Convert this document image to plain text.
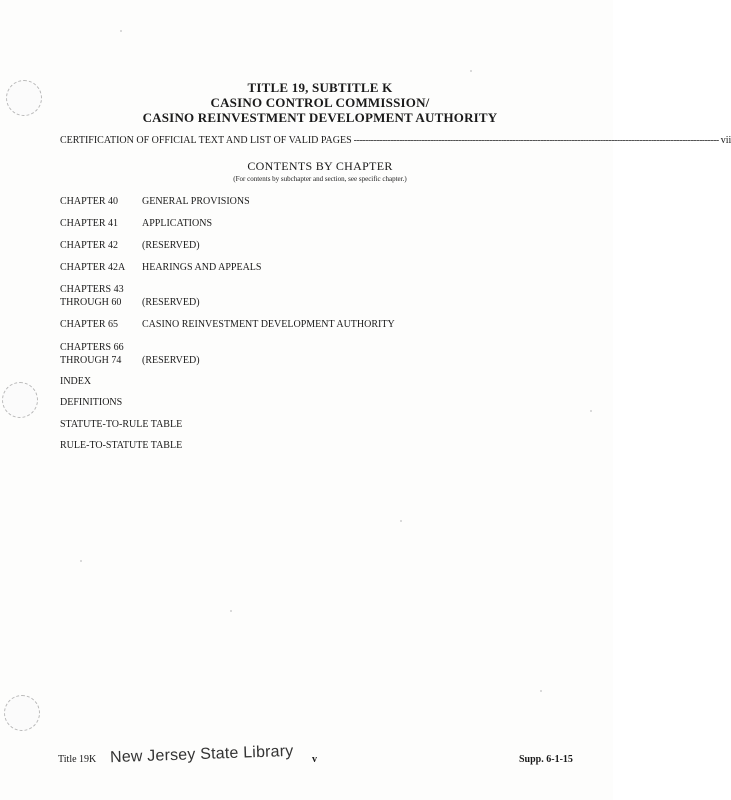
TITLE 19, SUBTITLE K
CASINO CONTROL COMMISSION/
CASINO REINVESTMENT DEVELOPMENT AUTHORITY
CERTIFICATION OF OFFICIAL TEXT AND LIST OF VALID PAGES --------------------------------------------------------------------------------------------------------------------------------- vii
CONTENTS BY CHAPTER
(For contents by subchapter and section, see specific chapter.)
CHAPTER 40	GENERAL PROVISIONS
CHAPTER 41	APPLICATIONS
CHAPTER 42	(RESERVED)
CHAPTER 42A	HEARINGS AND APPEALS
CHAPTERS 43
THROUGH 60	(RESERVED)
CHAPTER 65	CASINO REINVESTMENT DEVELOPMENT AUTHORITY
CHAPTERS 66
THROUGH 74	(RESERVED)
INDEX
DEFINITIONS
STATUTE-TO-RULE TABLE
RULE-TO-STATUTE TABLE
Title 19K New Jersey State Library v	Supp. 6-1-15
